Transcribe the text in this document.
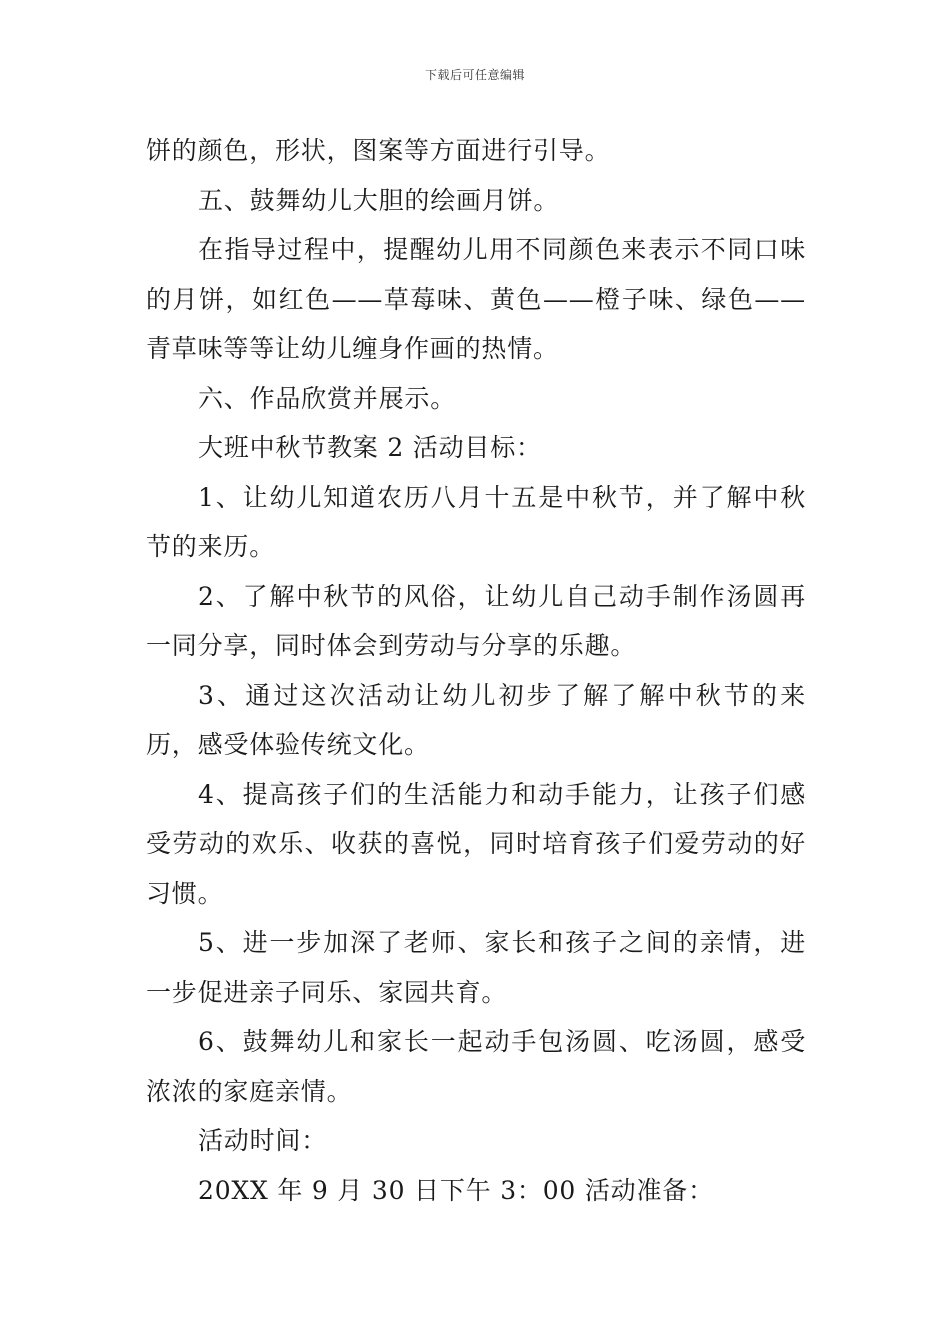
下载后可任意编辑

饼的颜色，形状，图案等方面进行引导。

五、鼓舞幼儿大胆的绘画月饼。

在指导过程中，提醒幼儿用不同颜色来表示不同口味的月饼，如红色——草莓味、黄色——橙子味、绿色——青草味等等让幼儿缠身作画的热情。

六、作品欣赏并展示。

大班中秋节教案 2 活动目标：

1、让幼儿知道农历八月十五是中秋节，并了解中秋节的来历。

2、了解中秋节的风俗，让幼儿自己动手制作汤圆再一同分享，同时体会到劳动与分享的乐趣。

3、通过这次活动让幼儿初步了解了解中秋节的来历，感受体验传统文化。

4、提高孩子们的生活能力和动手能力，让孩子们感受劳动的欢乐、收获的喜悦，同时培育孩子们爱劳动的好习惯。

5、进一步加深了老师、家长和孩子之间的亲情，进一步促进亲子同乐、家园共育。

6、鼓舞幼儿和家长一起动手包汤圆、吃汤圆，感受浓浓的家庭亲情。

活动时间：

20XX 年 9 月 30 日下午 3：00 活动准备：
